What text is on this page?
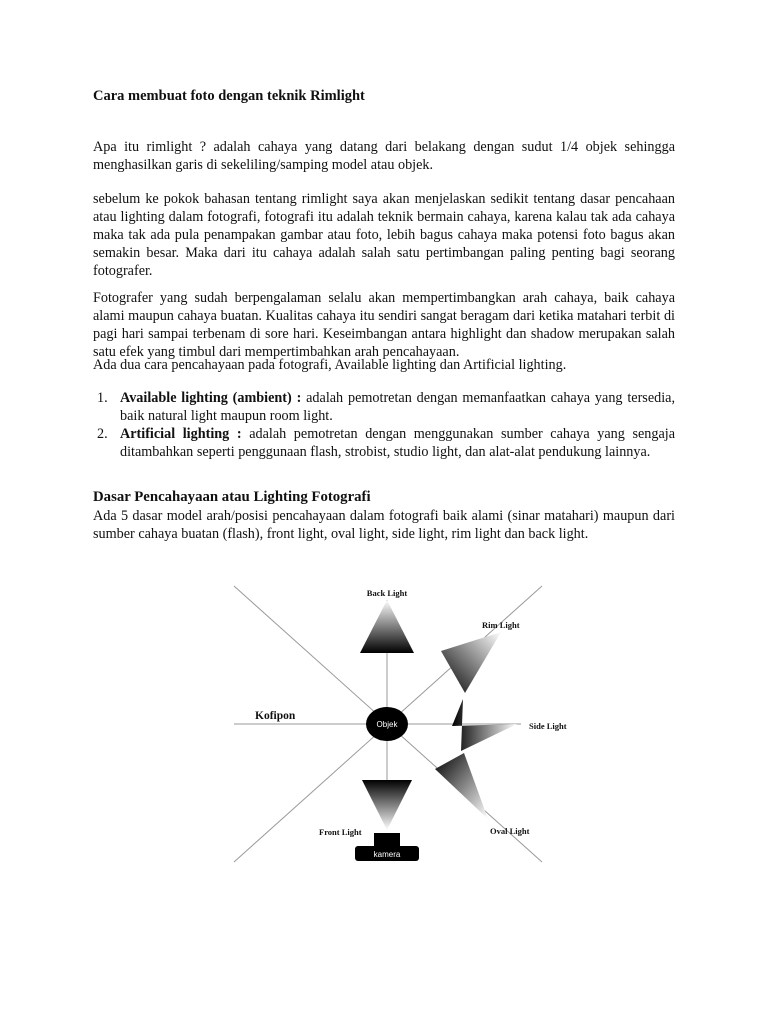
Cara membuat foto dengan teknik Rimlight

Apa itu rimlight ? adalah cahaya yang datang dari belakang dengan sudut 1/4 objek sehingga menghasilkan garis di sekeliling/samping model atau objek.

sebelum ke pokok bahasan tentang rimlight saya akan menjelaskan sedikit tentang dasar pencahaan atau lighting dalam fotografi, fotografi itu adalah teknik bermain cahaya, karena kalau tak ada cahaya maka tak ada pula penampakan gambar atau foto, lebih bagus cahaya maka potensi foto bagus akan semakin besar. Maka dari itu cahaya adalah salah satu pertimbangan paling penting bagi seorang fotografer.

Fotografer yang sudah berpengalaman selalu akan mempertimbangkan arah cahaya, baik cahaya alami maupun cahaya buatan. Kualitas cahaya itu sendiri sangat beragam dari ketika matahari terbit di pagi hari sampai terbenam di sore hari. Keseimbangan antara highlight dan shadow merupakan salah satu efek yang timbul dari mempertimbahkan arah pencahayaan.

Ada dua cara pencahayaan pada fotografi, Available lighting dan Artificial lighting.

1. Available lighting (ambient) : adalah pemotretan dengan memanfaatkan cahaya yang tersedia, baik natural light maupun room light.
2. Artificial lighting : adalah pemotretan dengan menggunakan sumber cahaya yang sengaja ditambahkan seperti penggunaan flash, strobist, studio light, dan alat-alat pendukung lainnya.
Dasar Pencahayaan atau Lighting Fotografi

Ada 5 dasar model arah/posisi pencahayaan dalam fotografi baik alami (sinar matahari) maupun dari sumber cahaya buatan (flash), front light, oval light, side light, rim light dan back light.

Objek
kamera
Kofipon
Back Light
Rim Light
Side Light
Oval Light
Front Light
